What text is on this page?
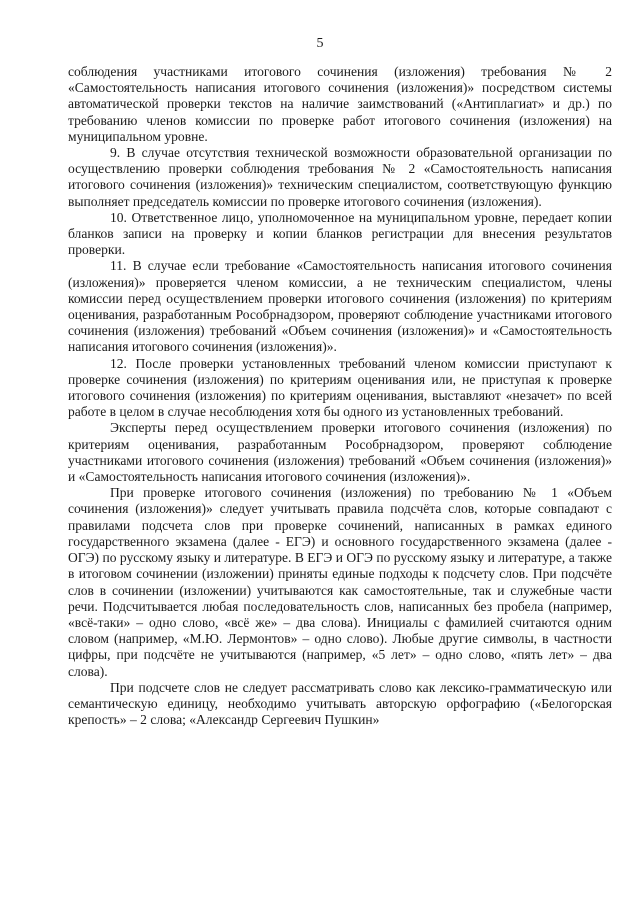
5

соблюдения участниками итогового сочинения (изложения) требования № 2 «Самостоятельность написания итогового сочинения (изложения)» посредством системы автоматической проверки текстов на наличие заимствований («Антиплагиат» и др.) по требованию членов комиссии по проверке работ итогового сочинения (изложения) на муниципальном уровне.

9. В случае отсутствия технической возможности образовательной организации по осуществлению проверки соблюдения требования № 2 «Самостоятельность написания итогового сочинения (изложения)» техническим специалистом, соответствующую функцию выполняет председатель комиссии по проверке итогового сочинения (изложения).

10. Ответственное лицо, уполномоченное на муниципальном уровне, передает копии бланков записи на проверку и копии бланков регистрации для внесения результатов проверки.

11. В случае если требование «Самостоятельность написания итогового сочинения (изложения)» проверяется членом комиссии, а не техническим специалистом, члены комиссии перед осуществлением проверки итогового сочинения (изложения) по критериям оценивания, разработанным Рособрнадзором, проверяют соблюдение участниками итогового сочинения (изложения) требований «Объем сочинения (изложения)» и «Самостоятельность написания итогового сочинения (изложения)».

12. После проверки установленных требований членом комиссии приступают к проверке сочинения (изложения) по критериям оценивания или, не приступая к проверке итогового сочинения (изложения) по критериям оценивания, выставляют «незачет» по всей работе в целом в случае несоблюдения хотя бы одного из установленных требований.

Эксперты перед осуществлением проверки итогового сочинения (изложения) по критериям оценивания, разработанным Рособрнадзором, проверяют соблюдение участниками итогового сочинения (изложения) требований «Объем сочинения (изложения)» и «Самостоятельность написания итогового сочинения (изложения)».

При проверке итогового сочинения (изложения) по требованию № 1 «Объем сочинения (изложения)» следует учитывать правила подсчёта слов, которые совпадают с правилами подсчета слов при проверке сочинений, написанных в рамках единого государственного экзамена (далее - ЕГЭ) и основного государственного экзамена (далее - ОГЭ) по русскому языку и литературе. В ЕГЭ и ОГЭ по русскому языку и литературе, а также в итоговом сочинении (изложении) приняты единые подходы к подсчету слов. При подсчёте слов в сочинении (изложении) учитываются как самостоятельные, так и служебные части речи. Подсчитывается любая последовательность слов, написанных без пробела (например, «всё-таки» – одно слово, «всё же» – два слова). Инициалы с фамилией считаются одним словом (например, «М.Ю. Лермонтов» – одно слово). Любые другие символы, в частности цифры, при подсчёте не учитываются (например, «5 лет» – одно слово, «пять лет» – два слова).

При подсчете слов не следует рассматривать слово как лексико-грамматическую или семантическую единицу, необходимо учитывать авторскую орфографию («Белогорская крепость» – 2 слова; «Александр Сергеевич Пушкин»
